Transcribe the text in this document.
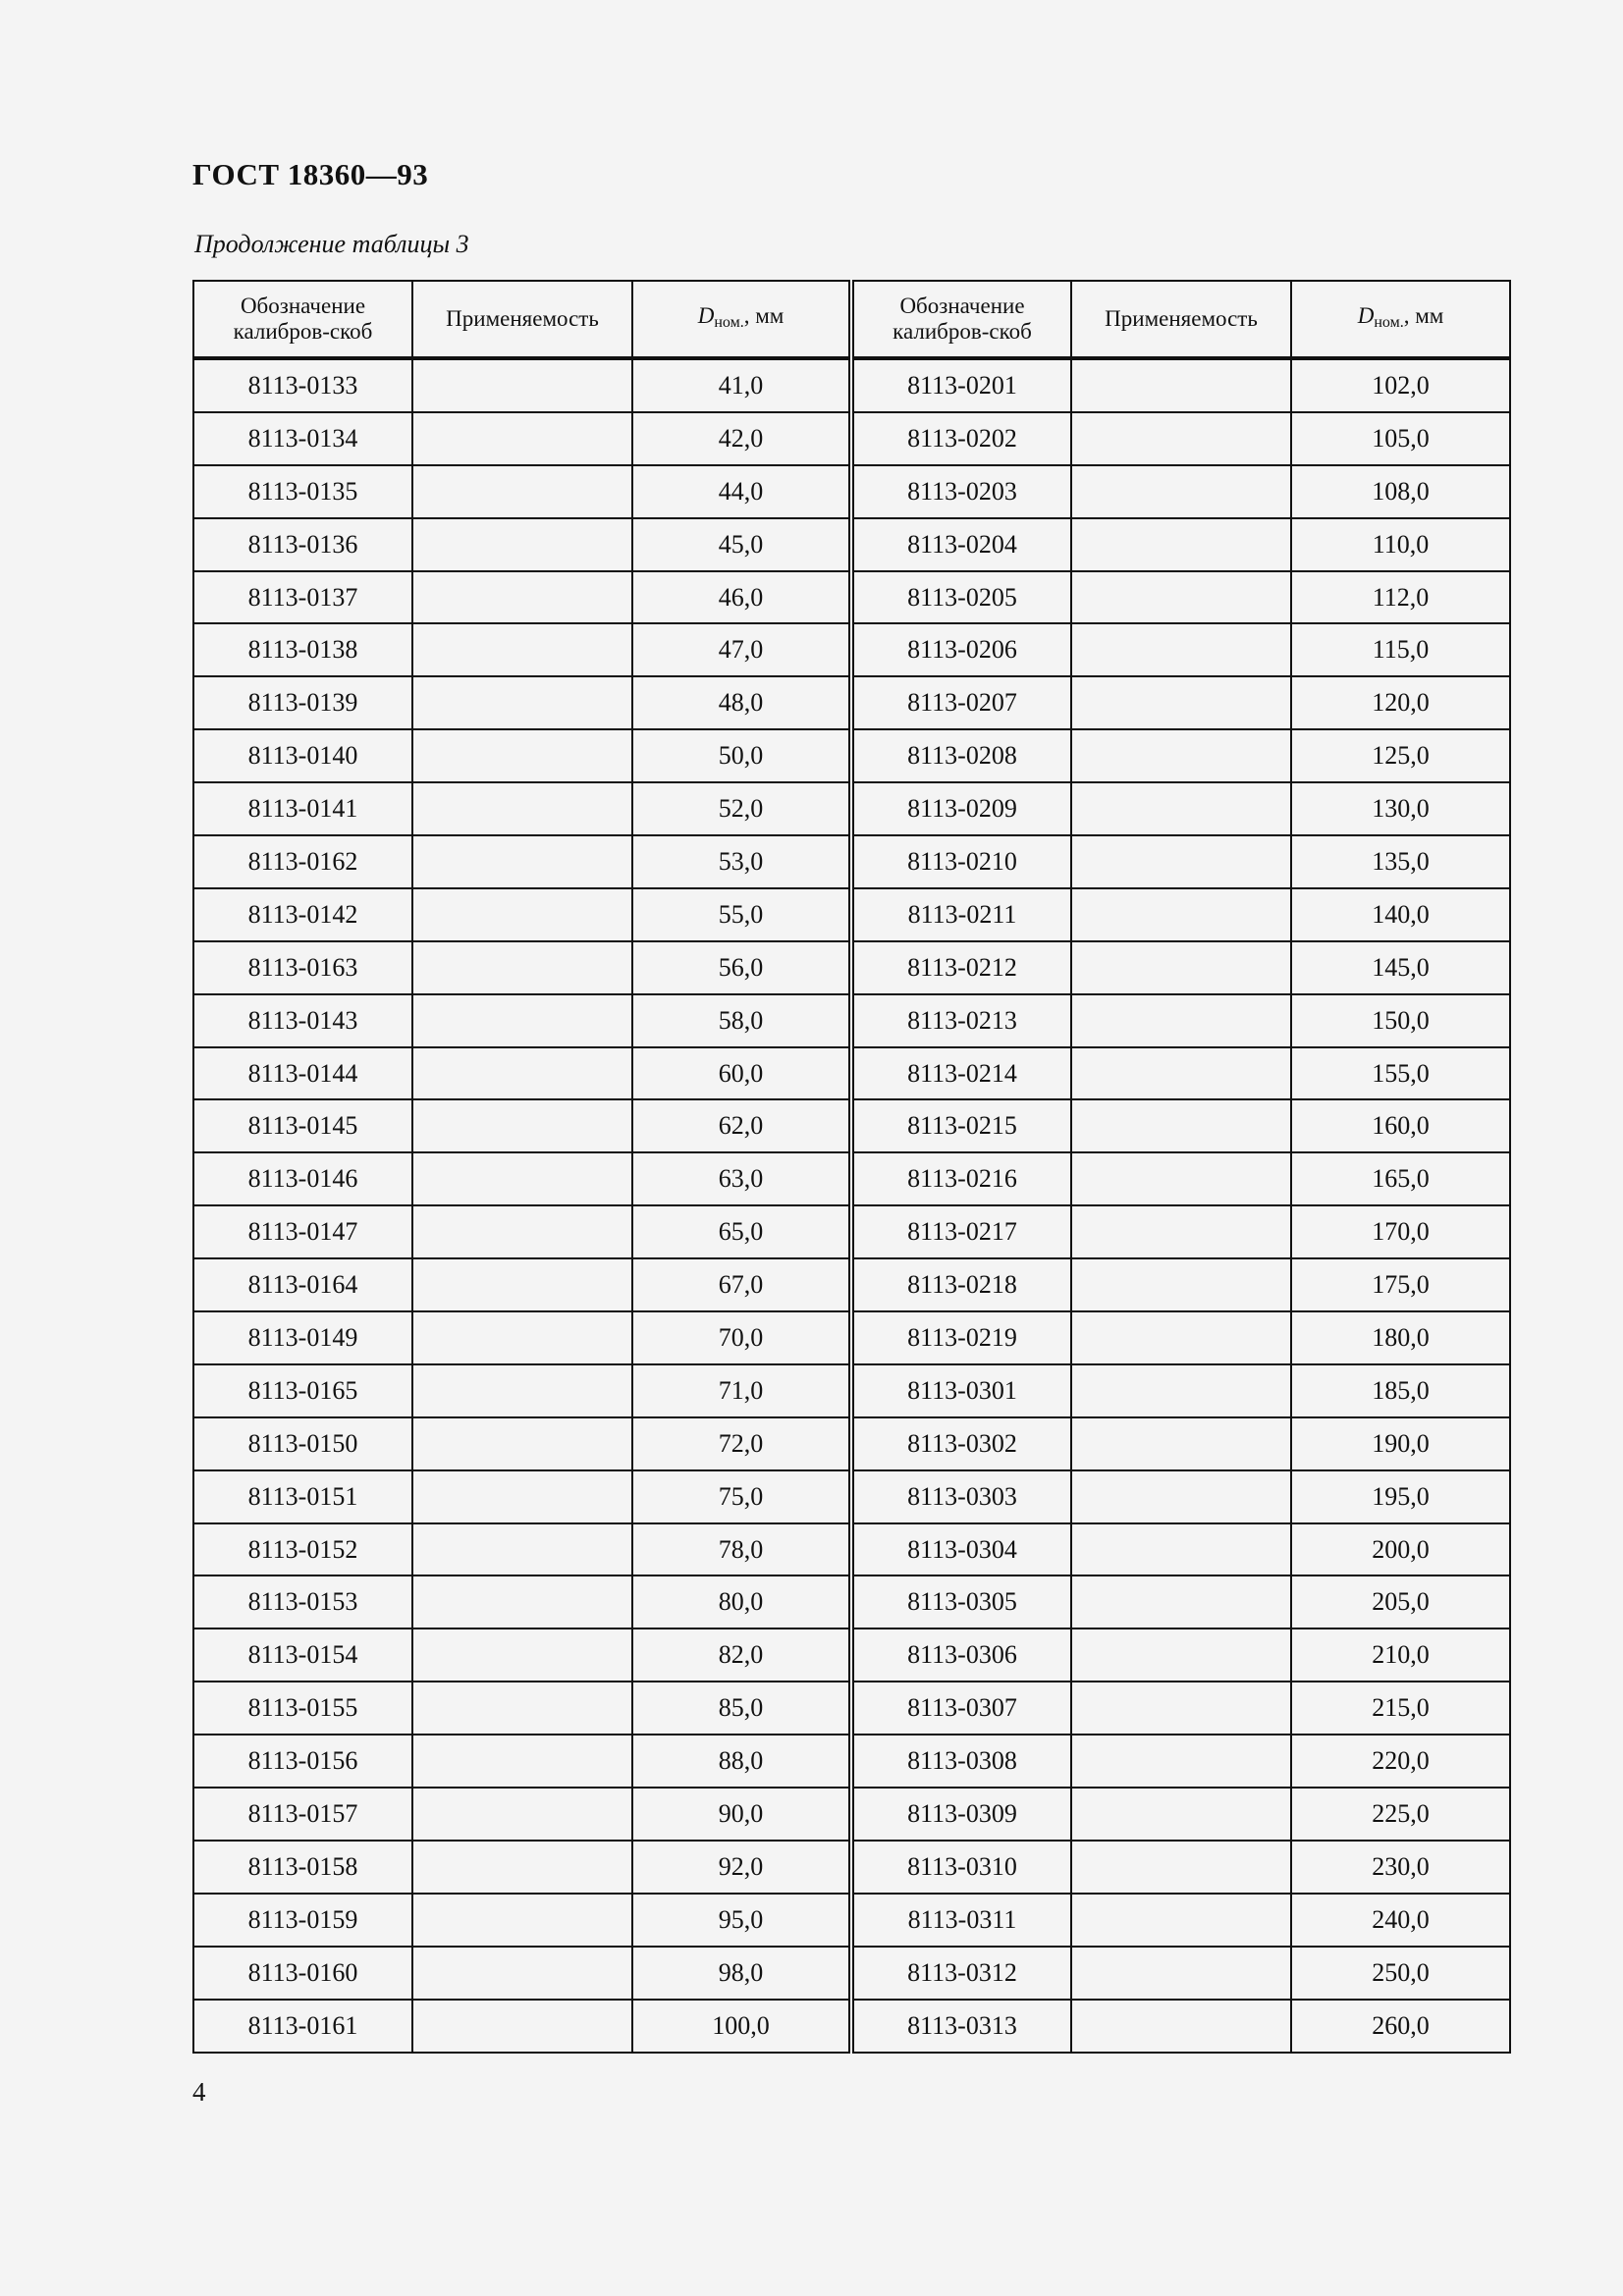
ГОСТ 18360—93
Продолжение таблицы 3
Обозначение калибров-скоб	Применяемость	$D_{ном.}$, мм	Обозначение калибров-скоб	Применяемость	$D_{ном.}$, мм
8113-0133		41,0	8113-0201		102,0
8113-0134		42,0	8113-0202		105,0
8113-0135		44,0	8113-0203		108,0
8113-0136		45,0	8113-0204		110,0
8113-0137		46,0	8113-0205		112,0
8113-0138		47,0	8113-0206		115,0
8113-0139		48,0	8113-0207		120,0
8113-0140		50,0	8113-0208		125,0
8113-0141		52,0	8113-0209		130,0
8113-0162		53,0	8113-0210		135,0
8113-0142		55,0	8113-0211		140,0
8113-0163		56,0	8113-0212		145,0
8113-0143		58,0	8113-0213		150,0
8113-0144		60,0	8113-0214		155,0
8113-0145		62,0	8113-0215		160,0
8113-0146		63,0	8113-0216		165,0
8113-0147		65,0	8113-0217		170,0
8113-0164		67,0	8113-0218		175,0
8113-0149		70,0	8113-0219		180,0
8113-0165		71,0	8113-0301		185,0
8113-0150		72,0	8113-0302		190,0
8113-0151		75,0	8113-0303		195,0
8113-0152		78,0	8113-0304		200,0
8113-0153		80,0	8113-0305		205,0
8113-0154		82,0	8113-0306		210,0
8113-0155		85,0	8113-0307		215,0
8113-0156		88,0	8113-0308		220,0
8113-0157		90,0	8113-0309		225,0
8113-0158		92,0	8113-0310		230,0
8113-0159		95,0	8113-0311		240,0
8113-0160		98,0	8113-0312		250,0
8113-0161		100,0	8113-0313		260,0
4
